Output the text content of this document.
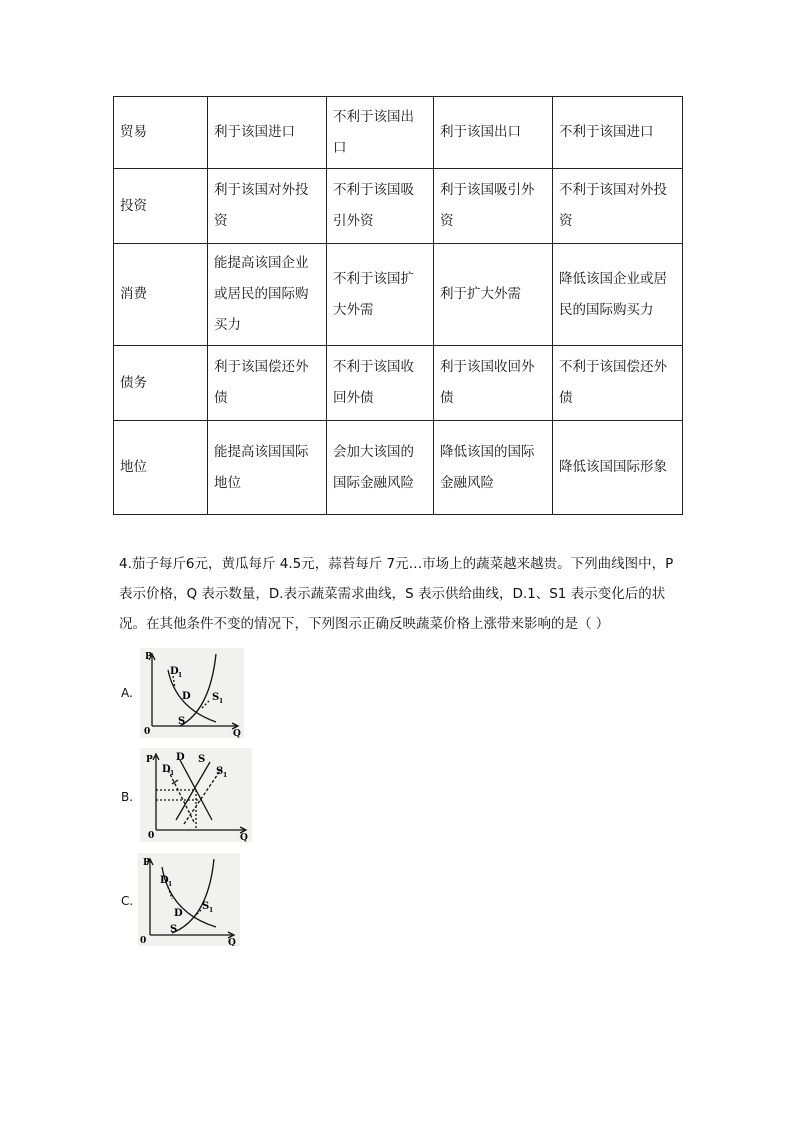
贸易	利于该国进口	不利于该国出口	利于该国出口	不利于该国进口
投资	利于该国对外投资	不利于该国吸引外资	利于该国吸引外资	不利于该国对外投资
消费	能提高该国企业或居民的国际购买力	不利于该国扩大外需	利于扩大外需	降低该国企业或居民的国际购买力
债务	利于该国偿还外债	不利于该国收回外债	利于该国收回外债	不利于该国偿还外债
地位	能提高该国国际地位	会加大该国的国际金融风险	降低该国的国际金融风险	降低该国国际形象
4.茄子每斤6元，黄瓜每斤 4.5元，蒜苔每斤 7元…市场上的蔬菜越来越贵。下列曲线图中，P 表示价格，Q 表示数量，D.表示蔬菜需求曲线，S 表示供给曲线，D.1、S1 表示变化后的状况。在其他条件不变的情况下，下列图示正确反映蔬菜价格上涨带来影响的是（ ）
A.
P
Q
0
D 1
D S 1
S
B.
P
Q
0
D 1
D S
S 1
C.
P
Q
0
D 1
D
S 1
S
